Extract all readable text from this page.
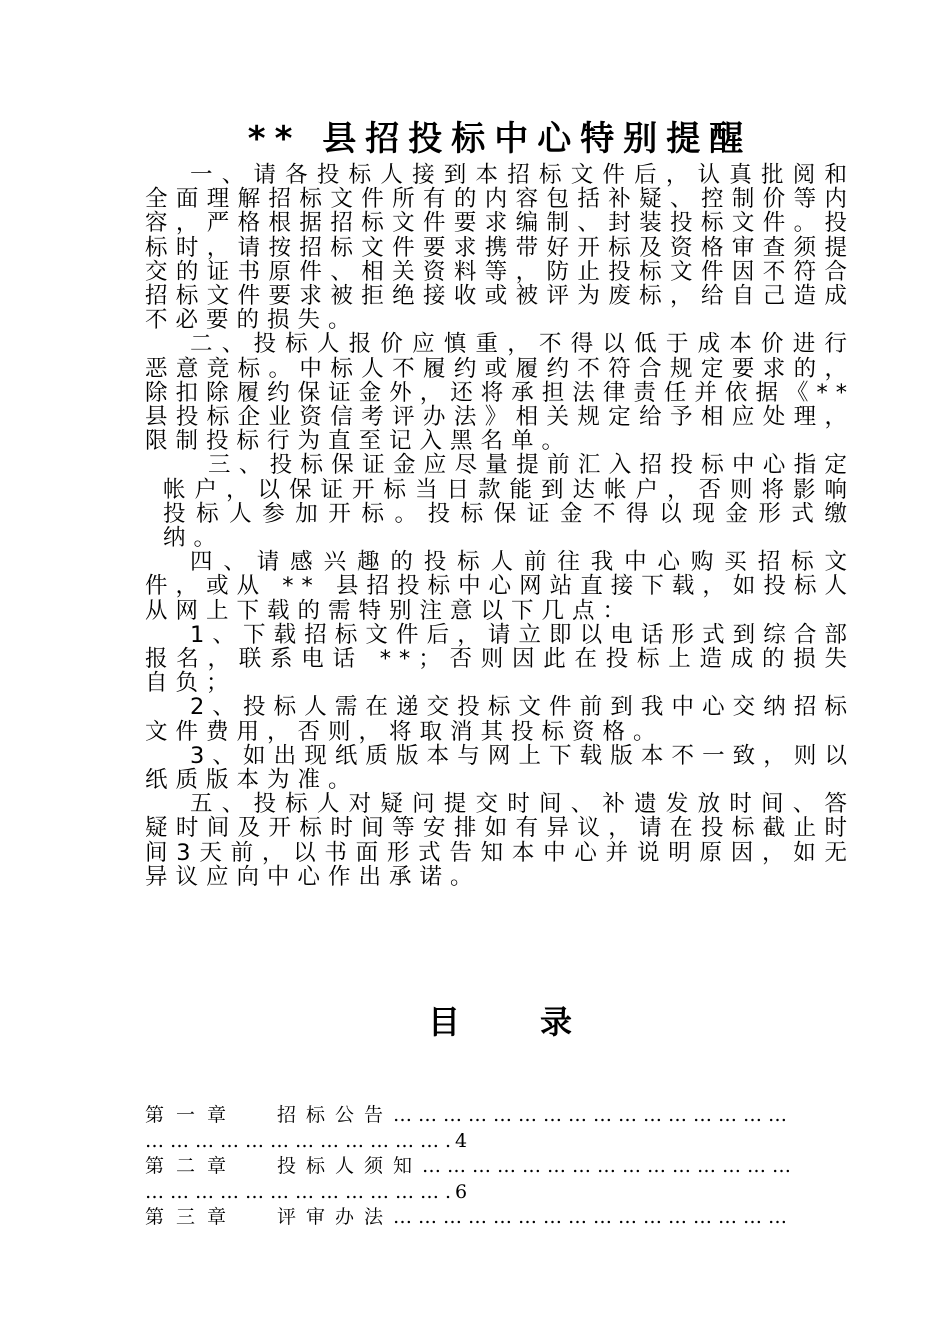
** 县招投标中心特别提醒

一、请各投标人接到本招标文件后，认真批阅和全面理解招标文件所有的内容包括补疑、控制价等内容，严格根据招标文件要求编制、封装投标文件。投标时，请按招标文件要求携带好开标及资格审查须提交的证书原件、相关资料等，防止投标文件因不符合招标文件要求被拒绝接收或被评为废标，给自己造成不必要的损失。

二、投标人报价应慎重，不得以低于成本价进行恶意竞标。中标人不履约或履约不符合规定要求的，除扣除履约保证金外，还将承担法律责任并依据《** 县投标企业资信考评办法》相关规定给予相应处理，限制投标行为直至记入黑名单。

三、投标保证金应尽量提前汇入招投标中心指定帐户，以保证开标当日款能到达帐户，否则将影响投标人参加开标。投标保证金不得以现金形式缴纳。

四、请感兴趣的投标人前往我中心购买招标文件，或从 ** 县招投标中心网站直接下载，如投标人从网上下载的需特别注意以下几点：

1、下载招标文件后，请立即以电话形式到综合部报名，联系电话 **；否则因此在投标上造成的损失自负；

2、投标人需在递交投标文件前到我中心交纳招标文件费用，否则，将取消其投标资格。

3、如出现纸质版本与网上下载版本不一致，则以纸质版本为准。

五、投标人对疑问提交时间、补遗发放时间、答疑时间及开标时间等安排如有异议，请在投标截止时间3天前，以书面形式告知本中心并说明原因，如无异议应向中心作出承诺。

目录
第一章 招标公告…………………………………………
……………………………….4
第二章 投标人须知………………………………………
……………………………….6
第三章 评审办法…………………………………………
